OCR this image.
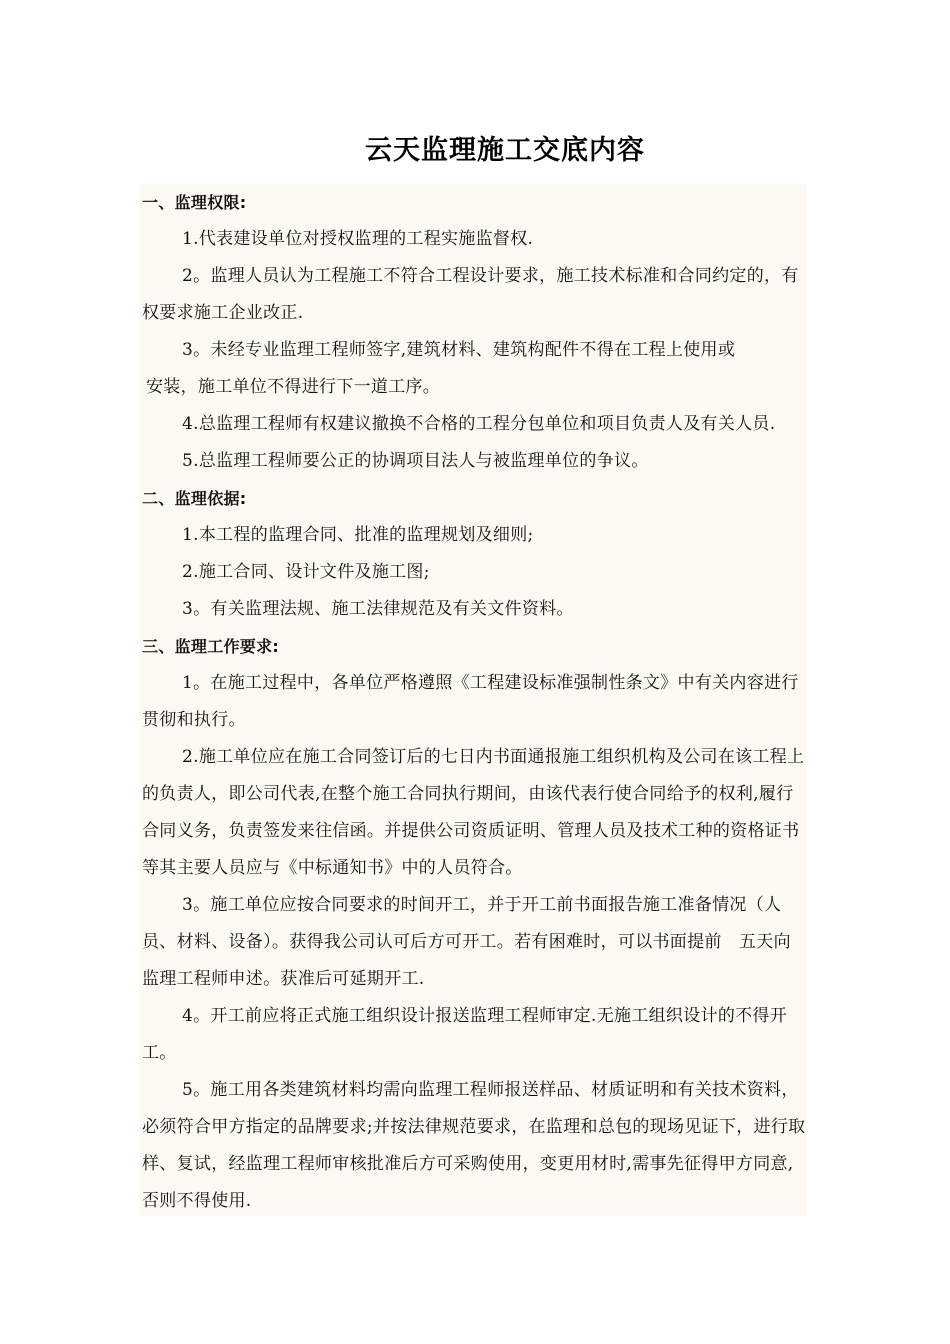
云天监理施工交底内容
一、监理权限:
1.代表建设单位对授权监理的工程实施监督权.
2。监理人员认为工程施工不符合工程设计要求，施工技术标准和合同约定的，有权要求施工企业改正.
3。未经专业监理工程师签字,建筑材料、建筑构配件不得在工程上使用或
安装，施工单位不得进行下一道工序。
4.总监理工程师有权建议撤换不合格的工程分包单位和项目负责人及有关人员.
5.总监理工程师要公正的协调项目法人与被监理单位的争议。
二、监理依据:
1.本工程的监理合同、批准的监理规划及细则;
2.施工合同、设计文件及施工图;
3。有关监理法规、施工法律规范及有关文件资料。
三、监理工作要求:
1。在施工过程中，各单位严格遵照《工程建设标准强制性条文》中有关内容进行贯彻和执行。
2.施工单位应在施工合同签订后的七日内书面通报施工组织机构及公司在该工程上的负责人，即公司代表,在整个施工合同执行期间，由该代表行使合同给予的权利,履行合同义务，负责签发来往信函。并提供公司资质证明、管理人员及技术工种的资格证书等其主要人员应与《中标通知书》中的人员符合。
3。施工单位应按合同要求的时间开工，并于开工前书面报告施工准备情况（人员、材料、设备）。获得我公司认可后方可开工。若有困难时，可以书面提前　五天向监理工程师申述。获准后可延期开工.
4。开工前应将正式施工组织设计报送监理工程师审定.无施工组织设计的不得开工。
5。施工用各类建筑材料均需向监理工程师报送样品、材质证明和有关技术资料，必须符合甲方指定的品牌要求;并按法律规范要求，在监理和总包的现场见证下，进行取样、复试，经监理工程师审核批准后方可采购使用，变更用材时,需事先征得甲方同意,否则不得使用.
